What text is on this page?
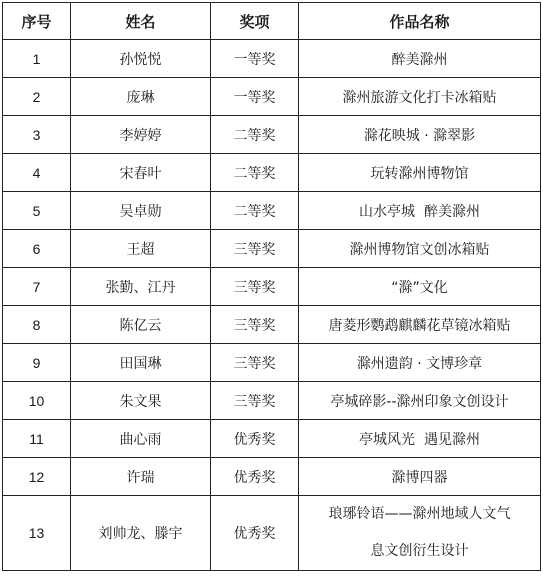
序号	姓名	奖项	作品名称
1	孙悦悦	一等奖	醉美滁州
2	庞琳	一等奖	滁州旅游文化打卡冰箱贴
3	李婷婷	二等奖	滁花映城 · 滁翠影
4	宋春叶	二等奖	玩转滁州博物馆
5	吴卓勋	二等奖	山水亭城  醉美滁州
6	王超	三等奖	滁州博物馆文创冰箱贴
7	张勤、江丹	三等奖	“滁”文化
8	陈亿云	三等奖	唐菱形鹦鹉麒麟花草镜冰箱贴
9	田国琳	三等奖	滁州遗韵 · 文博珍章
10	朱文果	三等奖	亭城碎影--滁州印象文创设计
11	曲心雨	优秀奖	亭城风光  遇见滁州
12	许瑞	优秀奖	滁博四器
13	刘帅龙、滕宇	优秀奖	琅琊铃语——滁州地域人文气
息文创衍生设计
